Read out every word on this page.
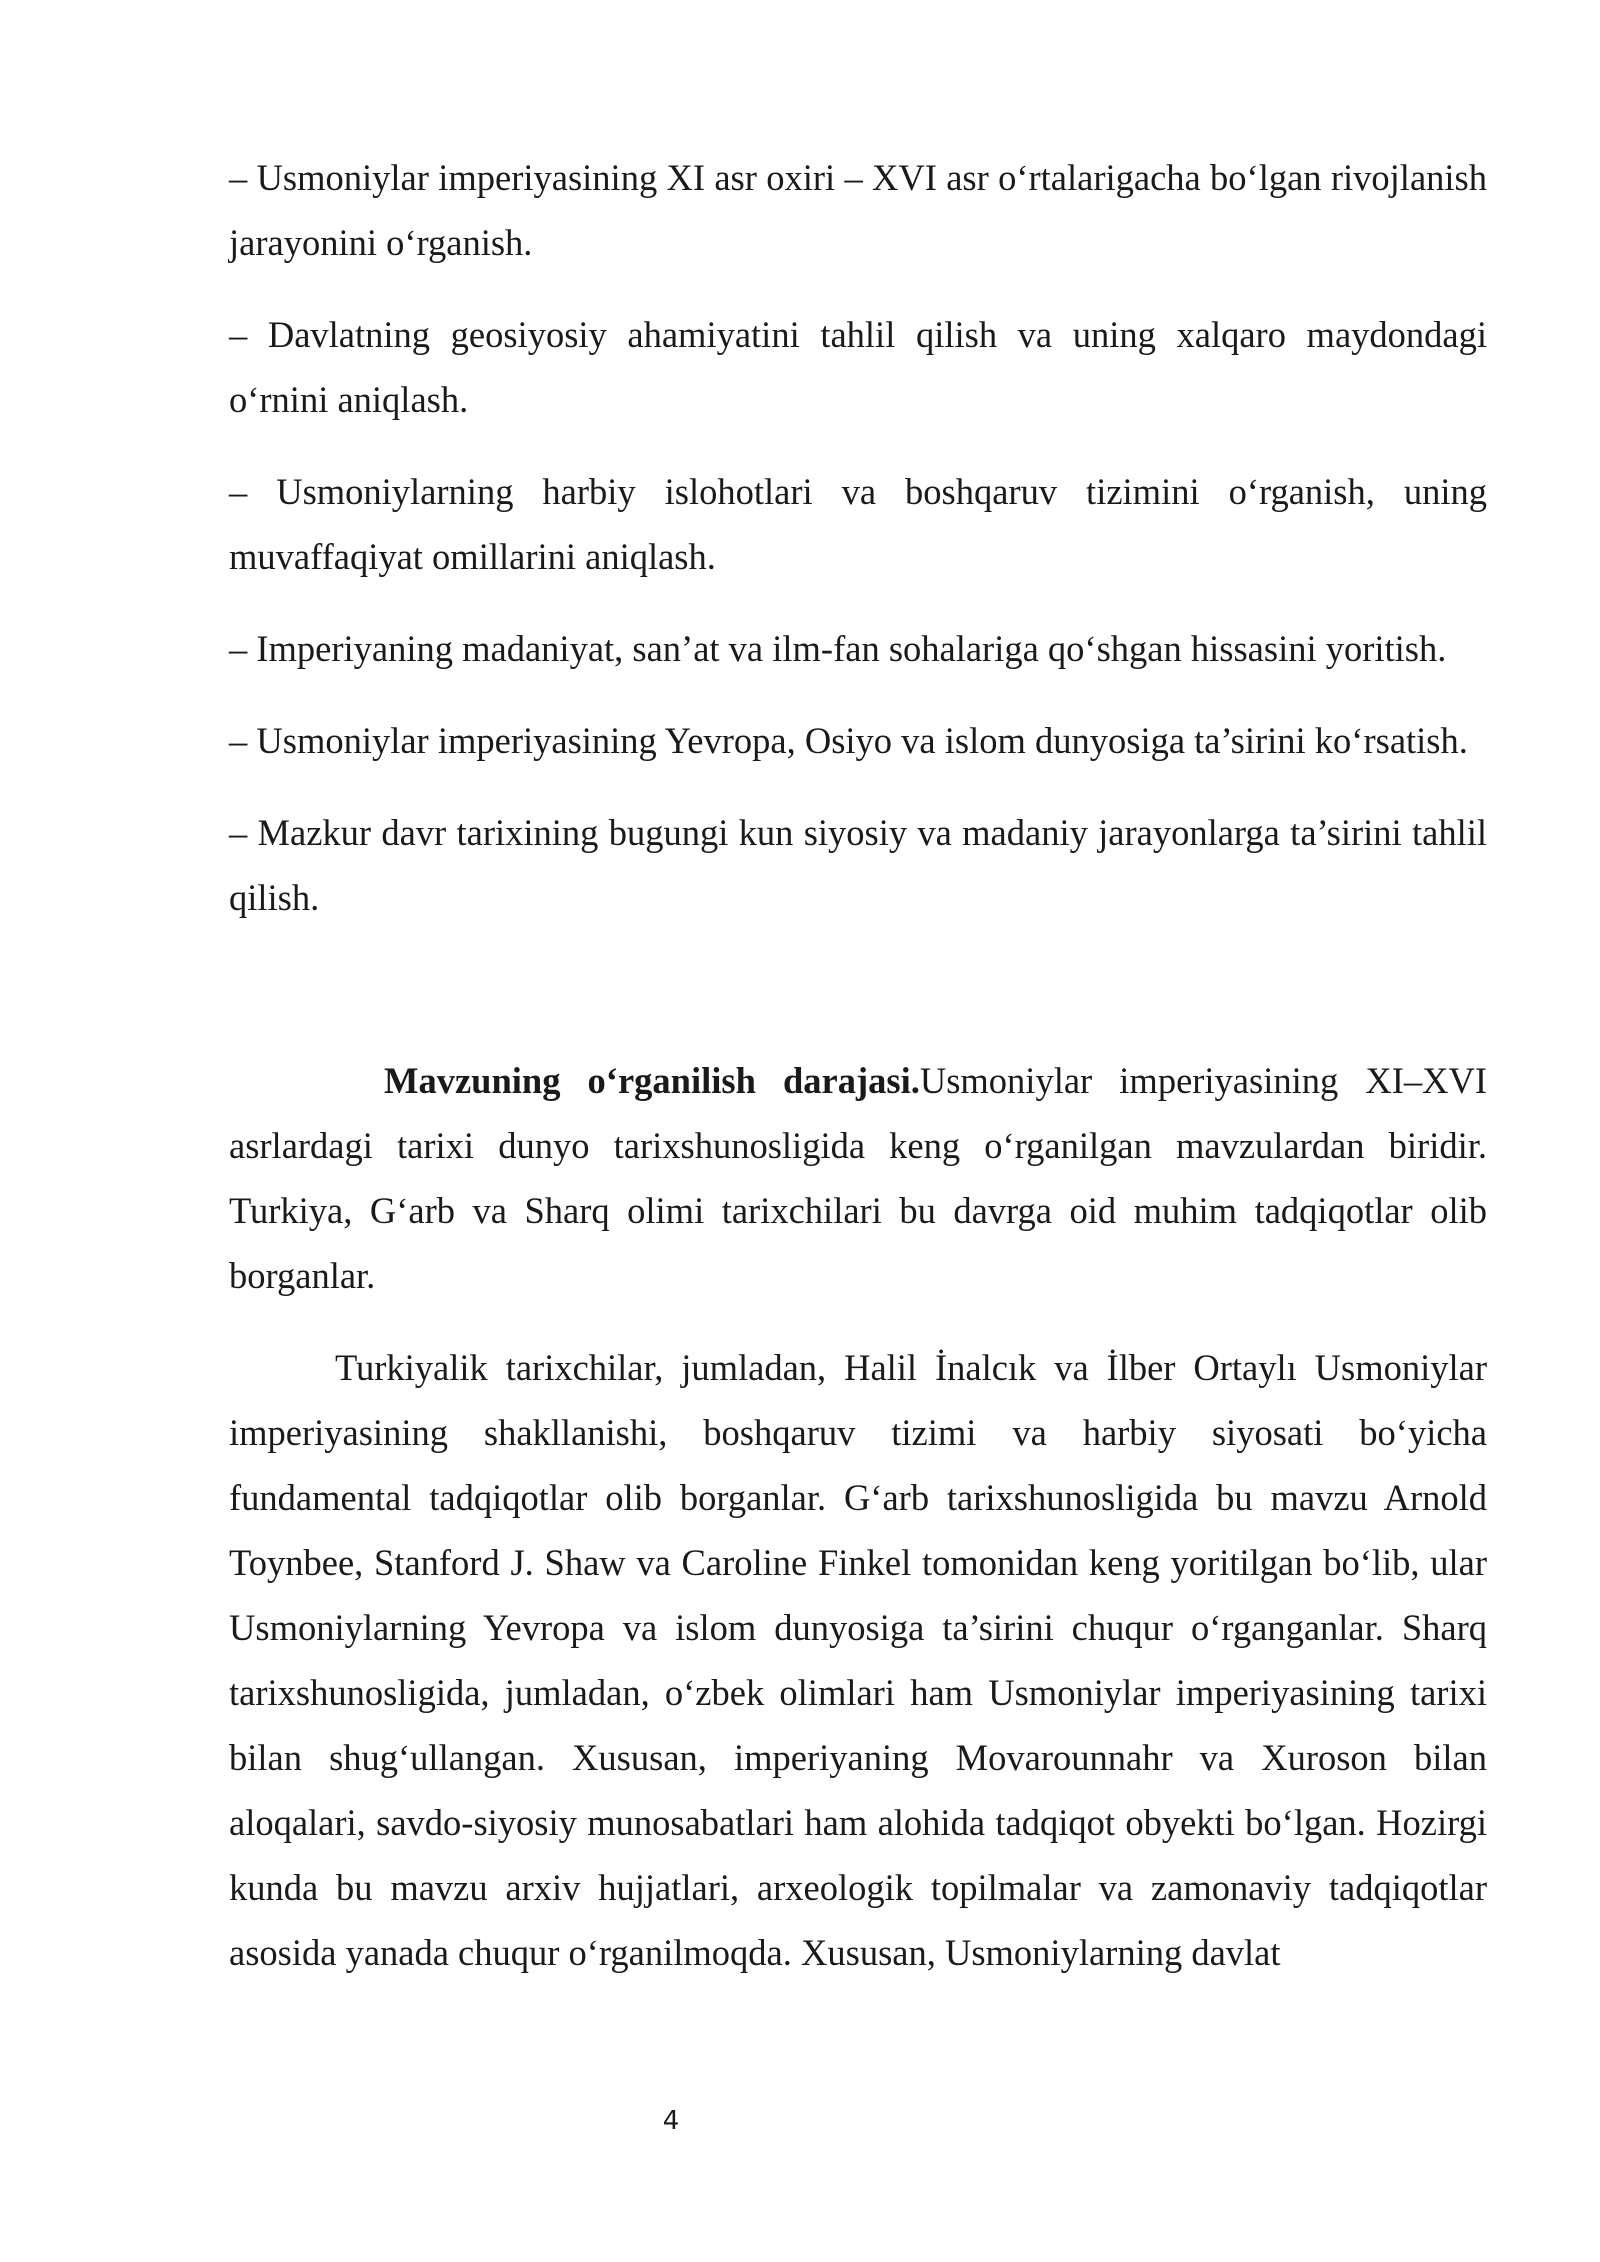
– Usmoniylar imperiyasining XI asr oxiri – XVI asr o‘rtalarigacha bo‘lgan rivojlanish jarayonini o‘rganish.

– Davlatning geosiyosiy ahamiyatini tahlil qilish va uning xalqaro maydondagi o‘rnini aniqlash.

– Usmoniylarning harbiy islohotlari va boshqaruv tizimini o‘rganish, uning muvaffaqiyat omillarini aniqlash.

– Imperiyaning madaniyat, san’at va ilm-fan sohalariga qo‘shgan hissasini yoritish.

– Usmoniylar imperiyasining Yevropa, Osiyo va islom dunyosiga ta’sirini ko‘rsatish.

– Mazkur davr tarixining bugungi kun siyosiy va madaniy jarayonlarga ta’sirini tahlil qilish.

Mavzuning o‘rganilish darajasi.Usmoniylar imperiyasining XI–XVI asrlardagi tarixi dunyo tarixshunosligida keng o‘rganilgan mavzulardan biridir. Turkiya, G‘arb va Sharq olimi tarixchilari bu davrga oid muhim tadqiqotlar olib borganlar.

Turkiyalik tarixchilar, jumladan, Halil İnalcık va İlber Ortaylı Usmoniylar imperiyasining shakllanishi, boshqaruv tizimi va harbiy siyosati bo‘yicha fundamental tadqiqotlar olib borganlar. G‘arb tarixshunosligida bu mavzu Arnold Toynbee, Stanford J. Shaw va Caroline Finkel tomonidan keng yoritilgan bo‘lib, ular Usmoniylarning Yevropa va islom dunyosiga ta’sirini chuqur o‘rganganlar. Sharq tarixshunosligida, jumladan, o‘zbek olimlari ham Usmoniylar imperiyasining tarixi bilan shug‘ullangan. Xususan, imperiyaning Movarounnahr va Xuroson bilan aloqalari, savdo-siyosiy munosabatlari ham alohida tadqiqot obyekti bo‘lgan. Hozirgi kunda bu mavzu arxiv hujjatlari, arxeologik topilmalar va zamonaviy tadqiqotlar asosida yanada chuqur o‘rganilmoqda. Xususan, Usmoniylarning davlat

4
